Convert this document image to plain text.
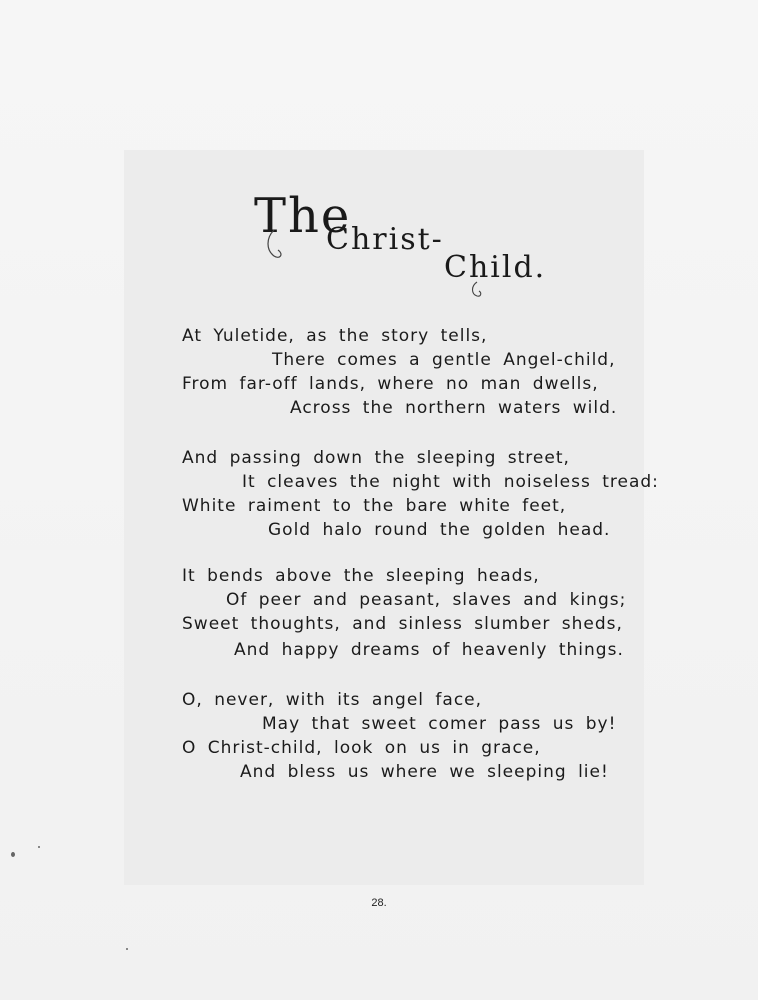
The
Christ-
Child.
At Yuletide, as the story tells,
There comes a gentle Angel-child,
From far-off lands, where no man dwells,
Across the northern waters wild.
And passing down the sleeping street,
It cleaves the night with noiseless tread:
White raiment to the bare white feet,
Gold halo round the golden head.
It bends above the sleeping heads,
Of peer and peasant, slaves and kings;
Sweet thoughts, and sinless slumber sheds,
And happy dreams of heavenly things.
O, never, with its angel face,
May that sweet comer pass us by!
O Christ-child, look on us in grace,
And bless us where we sleeping lie!
28.
